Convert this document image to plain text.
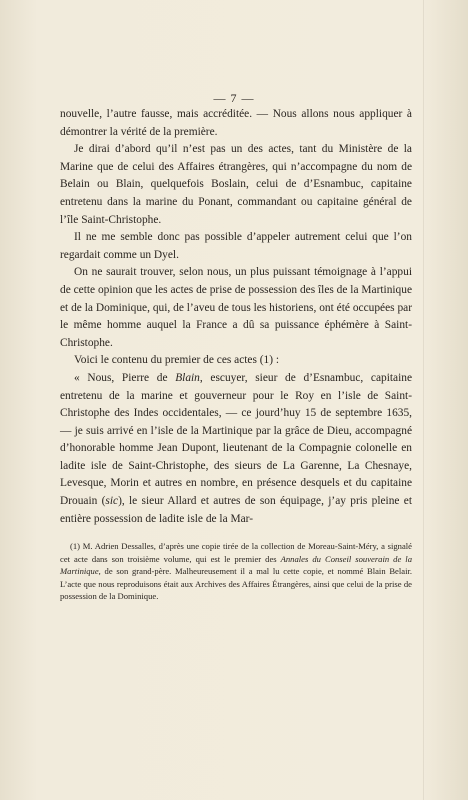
— 7 —

nouvelle, l’autre fausse, mais accréditée. — Nous allons nous appliquer à démontrer la vérité de la première.

Je dirai d’abord qu’il n’est pas un des actes, tant du Ministère de la Marine que de celui des Affaires étrangères, qui n’accompagne du nom de Belain ou Blain, quelquefois Boslain, celui de d’Esnambuc, capitaine entretenu dans la marine du Ponant, commandant ou capitaine général de l’île Saint-Christophe.

Il ne me semble donc pas possible d’appeler autrement celui que l’on regardait comme un Dyel.

On ne saurait trouver, selon nous, un plus puissant témoignage à l’appui de cette opinion que les actes de prise de possession des îles de la Martinique et de la Dominique, qui, de l’aveu de tous les historiens, ont été occupées par le même homme auquel la France a dû sa puissance éphémère à Saint-Christophe.

Voici le contenu du premier de ces actes (1) :

« Nous, Pierre de Blain, escuyer, sieur de d’Esnambuc, capitaine entretenu de la marine et gouverneur pour le Roy en l’isle de Saint-Christophe des Indes occidentales, — ce jourd’huy 15 de septembre 1635, — je suis arrivé en l’isle de la Martinique par la grâce de Dieu, accompagné d’honorable homme Jean Dupont, lieutenant de la Compagnie colonelle en ladite isle de Saint-Christophe, des sieurs de La Garenne, La Chesnaye, Levesque, Morin et autres en nombre, en présence desquels et du capitaine Drouain (sic), le sieur Allard et autres de son équipage, j’ay pris pleine et entière possession de ladite isle de la Mar-

(1) M. Adrien Dessalles, d’après une copie tirée de la collection de Moreau-Saint-Méry, a signalé cet acte dans son troisième volume, qui est le premier des Annales du Conseil souverain de la Martinique, de son grand-père. Malheureusement il a mal lu cette copie, et nommé Blain Belair. L’acte que nous reproduisons était aux Archives des Affaires Étrangères, ainsi que celui de la prise de possession de la Dominique.
